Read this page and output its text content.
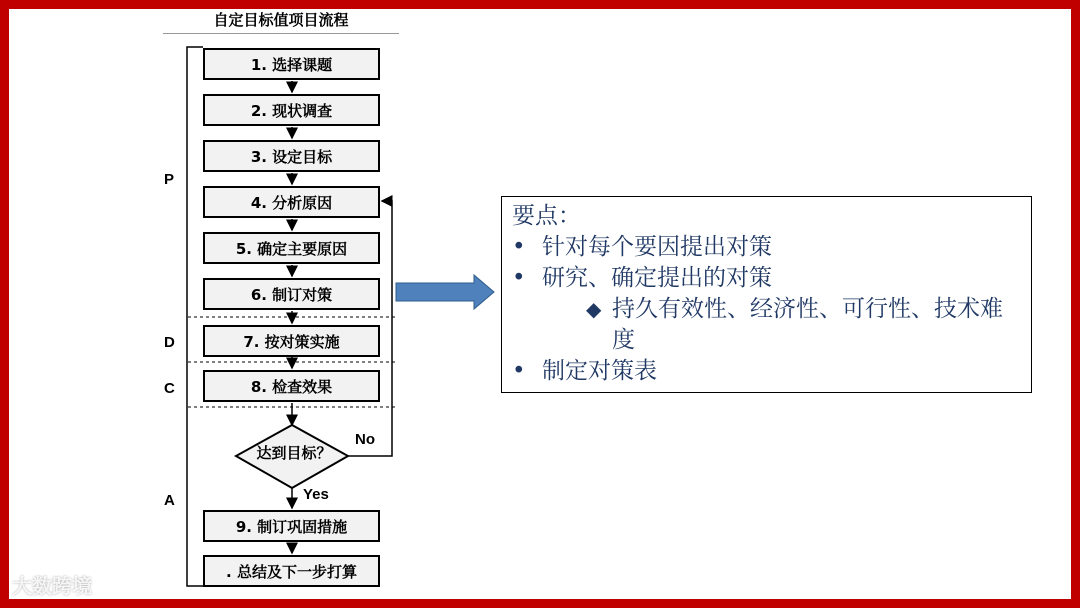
自定目标值项目流程
1. 选择课题
2. 现状调查
3. 设定目标
4. 分析原因
5. 确定主要原因
6. 制订对策
7. 按对策实施
8. 检查效果
9. 制订巩固措施
. 总结及下一步打算
达到目标？
No
Yes
P
D
C
A
要点：
• 针对每个要因提出对策
• 研究、确定提出的对策
◆ 持久有效性、经济性、可行性、技术难度
• 制定对策表
大数跨境
